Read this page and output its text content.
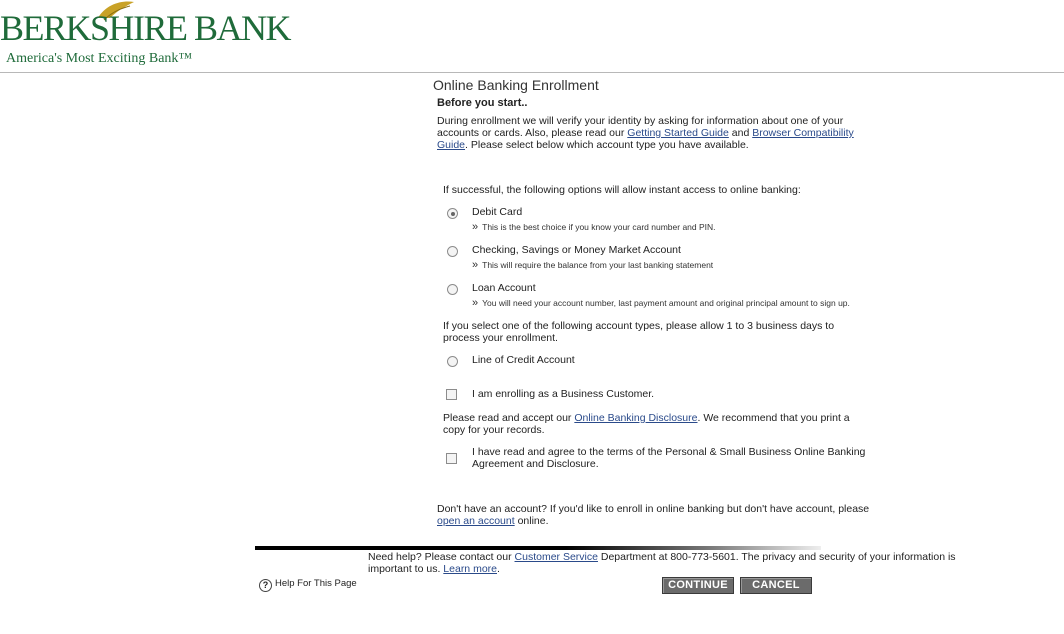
BERKSHIRE BANK
America's Most Exciting Bank™
Online Banking Enrollment
Before you start..
During enrollment we will verify your identity by asking for information about one of your accounts or cards. Also, please read our Getting Started Guide and Browser Compatibility Guide. Please select below which account type you have available.
If successful, the following options will allow instant access to online banking:
Debit Card
» This is the best choice if you know your card number and PIN.
Checking, Savings or Money Market Account
» This will require the balance from your last banking statement
Loan Account
» You will need your account number, last payment amount and original principal amount to sign up.
If you select one of the following account types, please allow 1 to 3 business days to process your enrollment.
Line of Credit Account
I am enrolling as a Business Customer.
Please read and accept our Online Banking Disclosure. We recommend that you print a copy for your records.
I have read and agree to the terms of the Personal & Small Business Online Banking Agreement and Disclosure.
Don't have an account? If you'd like to enroll in online banking but don't have account, please open an account online.
Need help? Please contact our Customer Service Department at 800-773-5601. The privacy and security of your information is important to us. Learn more.
? Help For This Page	CONTINUE	CANCEL
